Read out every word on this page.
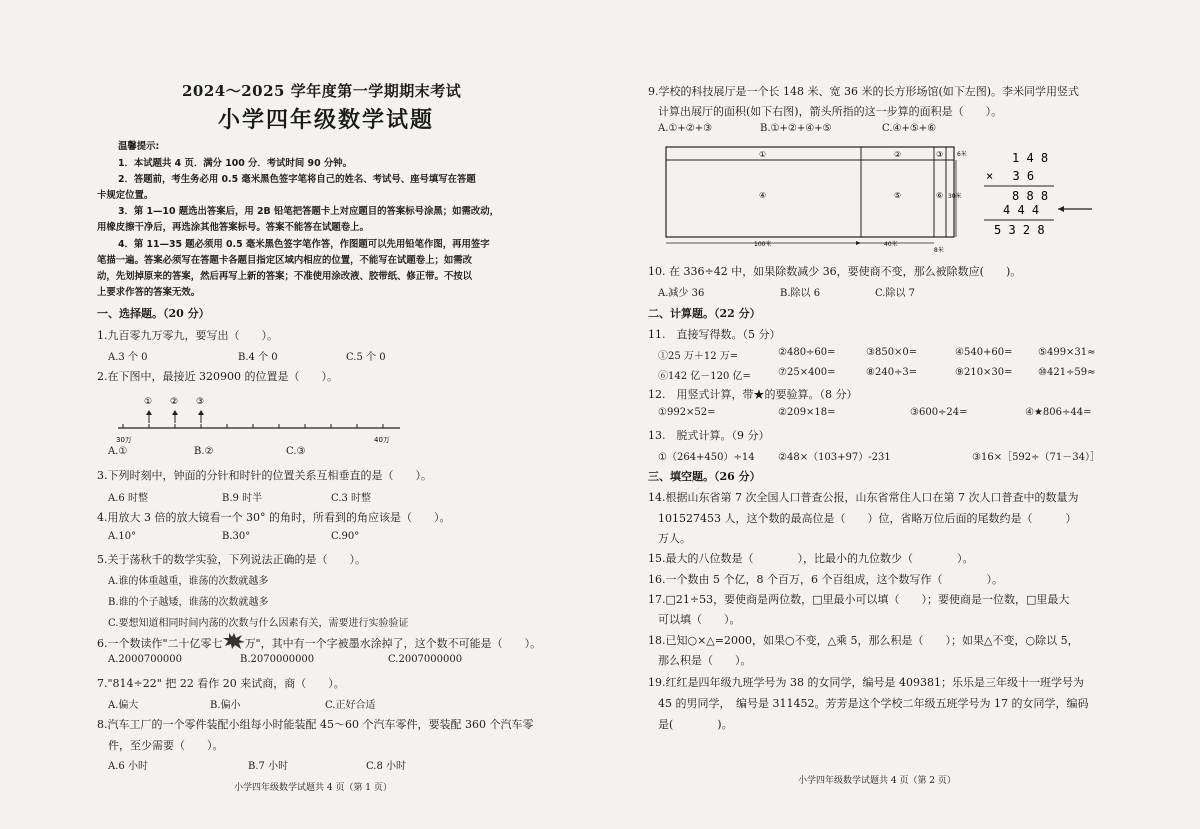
2024～2025 学年度第一学期期末考试
小学四年级数学试题
温馨提示:
1．本试题共 4 页．满分 100 分．考试时间 90 分钟。
2．答题前，考生务必用 0.5 毫米黑色签字笔将自己的姓名、考试号、座号填写在答题
卡规定位置。
3．第 1—10 题选出答案后，用 2B 铅笔把答题卡上对应题目的答案标号涂黑；如需改动，
用橡皮擦干净后，再选涂其他答案标号。答案不能答在试题卷上。
4．第 11—35 题必须用 0.5 毫米黑色签字笔作答，作图题可以先用铅笔作图，再用签字
笔描一遍。答案必须写在答题卡各题目指定区域内相应的位置，不能写在试题卷上；如需改
动，先划掉原来的答案，然后再写上新的答案；不准使用涂改液、胶带纸、修正带。不按以
上要求作答的答案无效。
一、选择题。（20 分）
1.九百零九万零九，要写出（　　）。
A.3 个 0	B.4 个 0	C.5 个 0
2.在下图中，最接近 320900 的位置是（　　）。
① ② ③
30万	40万
A.①	B.②	C.③
3.下列时刻中，钟面的分针和时针的位置关系互相垂直的是（　　）。
A.6 时整	B.9 时半	C.3 时整
4.用放大 3 倍的放大镜看一个 30° 的角时，所看到的角应该是（　　）。
A.10°	B.30°	C.90°
5.关于荡秋千的数学实验，下列说法正确的是（　　）。
A.谁的体重越重，谁荡的次数就越多
B.谁的个子越矮，谁荡的次数就越多
C.要想知道相同时间内荡的次数与什么因素有关，需要进行实验验证
6.一个数读作"二十亿零七 万"，其中有一个字被墨水涂掉了，这个数不可能是（　　）。
A.2000700000	B.2070000000	C.2007000000
7."814÷22" 把 22 看作 20 来试商，商（　　）。
A.偏大	B.偏小	C.正好合适
8.汽车工厂的一个零件装配小组每小时能装配 45～60 个汽车零件，要装配 360 个汽车零
件，至少需要（　　）。
A.6 小时	B.7 小时	C.8 小时
小学四年级数学试题共 4 页（第 1 页）
9.学校的科技展厅是一个长 148 米、宽 36 米的长方形场馆(如下左图)。李米同学用竖式
计算出展厅的面积(如下右图)，箭头所指的这一步算的面积是（　　）。
A.①+②+③	B.①+②+④+⑤	C.④+⑤+⑥
①	②	③
④	⑤	⑥
6米
30米
100米	40米
8米
1 4 8
× 　3 6
8 8 8
4 4 4
5 3 2 8
10. 在 336÷42 中，如果除数减少 36，要使商不变，那么被除数应(　　)。
A.减少 36	B.除以 6	C.除以 7
二、计算题。（22 分）
11.　直接写得数。（5 分）
①25 万＋12 万=	②480÷60=	③850×0=	④540+60=	⑤499×31≈
⑥142 亿－120 亿=	⑦25×400=	⑧240÷3=	⑨210×30=	⑩421÷59≈
12.　用竖式计算，带★的要验算。（8 分）
①992×52=	②209×18=	③600÷24=	④★806÷44=
13.　脱式计算。（9 分）
①（264+450）÷14 ②48×（103+97）-231	③16×［592÷（71－34）］
三、填空题。（26 分）
14.根据山东省第 7 次全国人口普查公报，山东省常住人口在第 7 次人口普查中的数量为
101527453 人，这个数的最高位是（　　）位，省略万位后面的尾数约是（　　　）
万人。
15.最大的八位数是（　　　　），比最小的九位数少（　　　　）。
16.一个数由 5 个亿，8 个百万，6 个百组成，这个数写作（　　　　）。
17.□21÷53，要使商是两位数，□里最小可以填（　　）；要使商是一位数，□里最大
可以填（　　）。
18.已知○×△=2000，如果○不变，△乘 5，那么积是（　　）；如果△不变，○除以 5，
那么积是（　　）。
19.红红是四年级九班学号为 38 的女同学，编号是 409381；乐乐是三年级十一班学号为
45 的男同学，　编号是 311452。芳芳是这个学校二年级五班学号为 17 的女同学，编码
是(　　　　)。
小学四年级数学试题共 4 页（第 2 页）
